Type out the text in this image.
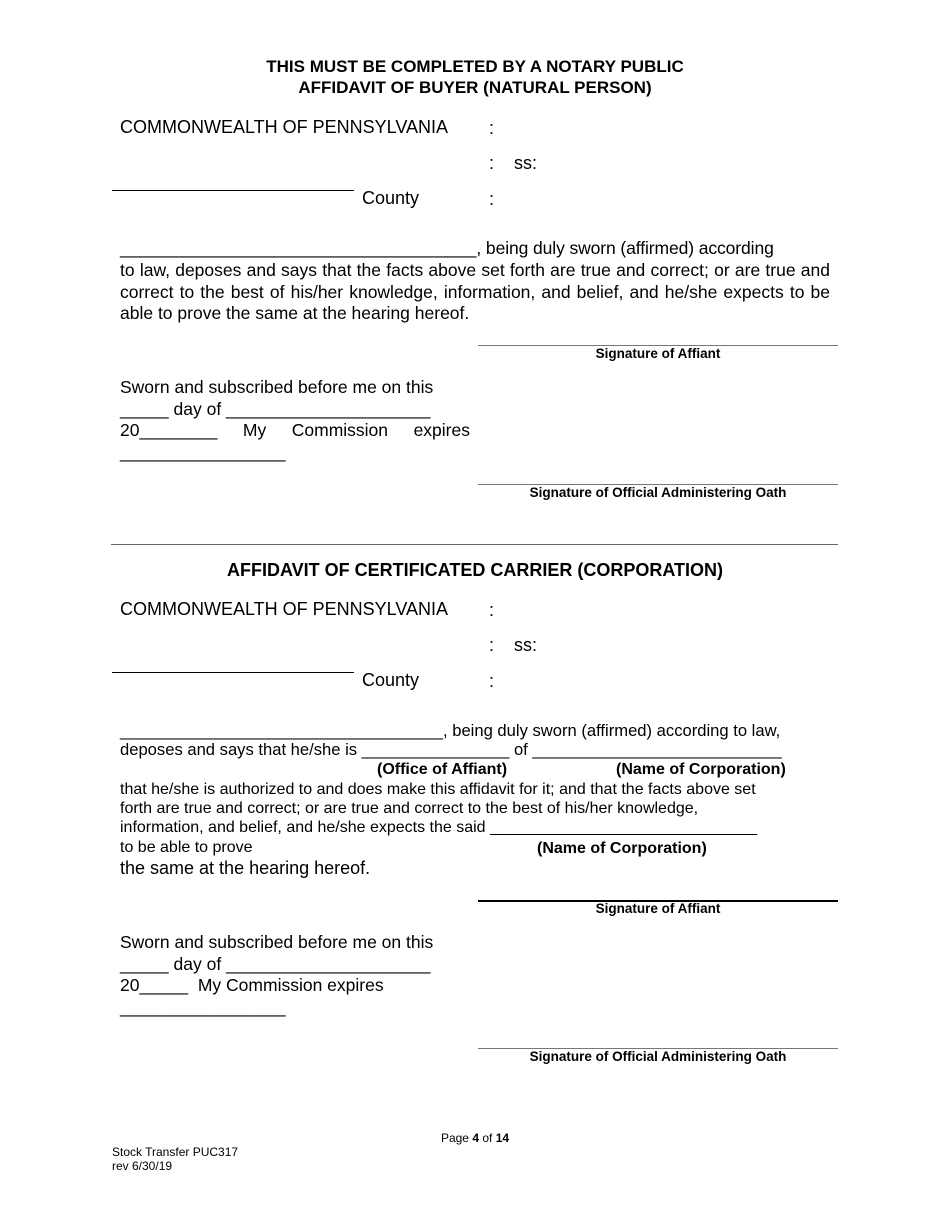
THIS MUST BE COMPLETED BY A NOTARY PUBLIC
AFFIDAVIT OF BUYER (NATURAL PERSON)
COMMONWEALTH OF PENNSYLVANIA :
: ss:
County	:
_____________________________________, being duly sworn (affirmed) according
to law, deposes and says that the facts above set forth are true and correct; or are true and correct to the best of his/her knowledge, information, and belief, and he/she expects to be able to prove the same at the hearing hereof.
Signature of Affiant
Sworn and subscribed before me on this
_____ day of _____________________
20________ My Commission expires
_________________
Signature of Official Administering Oath
AFFIDAVIT OF CERTIFICATED CARRIER (CORPORATION)
COMMONWEALTH OF PENNSYLVANIA :
: ss:
County	:
___________________________________, being duly sworn (affirmed) according to law,
deposes and says that he/she is ________________ of ___________________________
(Office of Affiant)	(Name of Corporation)
that he/she is authorized to and does make this affidavit for it; and that the facts above set
forth are true and correct; or are true and correct to the best of his/her knowledge,
information, and belief, and he/she expects the said ______________________________
to be able to prove	(Name of Corporation)
the same at the hearing hereof.
Signature of Affiant
Sworn and subscribed before me on this
_____ day of _____________________
20_____  My Commission expires
_________________
Signature of Official Administering Oath
Page 4 of 14
Stock Transfer PUC317
rev 6/30/19
